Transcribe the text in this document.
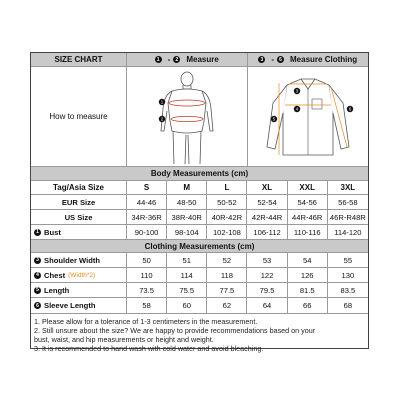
SIZE CHART	1 -	2 Measure	3 -	6 Measure Clothing
How to measure
1
2
3
4
5
6
Body Measurements (cm)
Tag/Asia Size	S	M	L	XL	XXL	3XL
EUR Size	44-46	48-50	50-52	52-54	54-56	56-58
US Size	34R-36R	38R-40R	40R-42R	42R-44R	44R-46R 46R-R48R
1 Bust	90-100	98-104	102-108	106-112	110-116	114-120
Clothing Measurements (cm)
3 Shoulder Width	50	51	52	53	54	55
4 Chest (Width*2)	110	114	118	122	126	130
5 Length	73.5	75.5	77.5	79.5	81.5	83.5
1. Please allow for a tolerance of 1-3 centimeters in the measurement.
2. Still unsure about the size? We are happy to provide recommendations based on your
bust, waist, and hip measurements or height and weight.
3. It is recommended to hand wash with cold water and avoid bleaching.
6 Sleeve Length	58	60	62	64	66	68
